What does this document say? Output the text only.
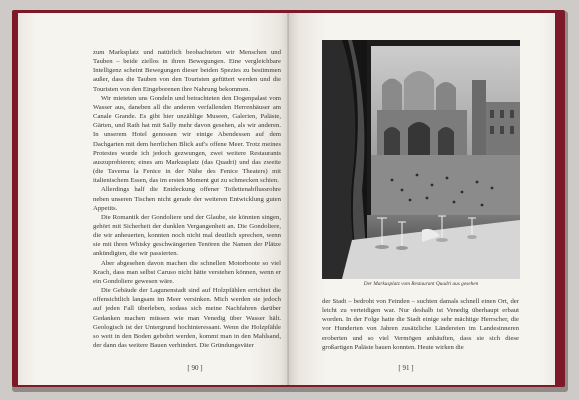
zum Marksplatz und natürlich beobachteten wir Menschen und Tauben – beide ziellos in ihren Bewegungen. Eine vergleichbare Intelligenz scheint Bewegungen dieser beiden Spezies zu bestimmen außer, dass die Tauben von den Touristen gefüttert werden und die Touristen von den Eingeborenen ihre Nahrung bekommen.

Wir mieteten uns Gondeln und betrachteten den Dogenpalast vom Wasser aus, daneben all die anderen verfallenden Herrenhäuser am Canale Grande. Es gibt hier unzählige Museen, Galerien, Paläste, Gärten, und Rath hat mit Sally mehr davon gesehen, als wir anderen. In unserem Hotel genossen wir einige Abendessen auf dem Dachgarten mit dem herrlichen Blick auf's offene Meer. Trotz meines Protestes wurde ich jedoch gezwungen, zwei weitere Restaurants auszuprobieren; eines am Markusplatz (das Quadri) und das zweite (die Taverna la Fenice in der Nähe des Fenice Theaters) mit italienischem Essen, das im ersten Moment gut zu schmecken schien.

Allerdings half die Entdeckung offener Toilettenabflussrohre neben unseren Tischen nicht gerade der weiteren Entwicklung guten Appetits.

Die Romantik der Gondoliere und der Glaube, sie könnten singen, gehört mit Sicherheit der dunklen Vergangenheit an. Die Gondoliere, die wir anheuerten, konnten noch nicht mal deutlich sprechen, wenn sie mit ihren Whisky geschwängerten Tenören die Namen der Plätze ankündigten, die wir passierten.

Aber abgesehen davon machen die schnellen Motorboote so viel Krach, dass man selbst Caruso nicht hätte verstehen können, wenn er ein Gondoliere gewesen wäre.

Die Gebäude der Lagunenstadt sind auf Holzpfählen errichtet die offensichtlich langsam im Meer versinken. Mich werden sie jedoch auf jeden Fall überleben, sodass sich meine Nachfahren darüber Gedanken machen müssen wie man Venedig über Wasser hält. Geologisch ist der Untergrund hochinteressant. Wenn die Holzpfähle so weit in den Boden gebohrt werden, kommt man in den Mahlsand, der dann das weitere Bauen verhindert. Die Gründungsväter

[ 90 ]
Der Markusplatz vom Restaurant Quadri aus gesehen

der Stadt – bedroht von Feinden – suchten damals schnell einen Ort, der leicht zu verteidigen war. Nur deshalb ist Venedig überhaupt erbaut worden. In der Folge hatte die Stadt einige sehr mächtige Herrscher, die vor Hunderten von Jahren zusätzliche Ländereien im Landesinneren eroberten und so viel Vermögen anhäuften, dass sie sich diese großartigen Paläste bauen konnten. Heute wirken die

[ 91 ]
